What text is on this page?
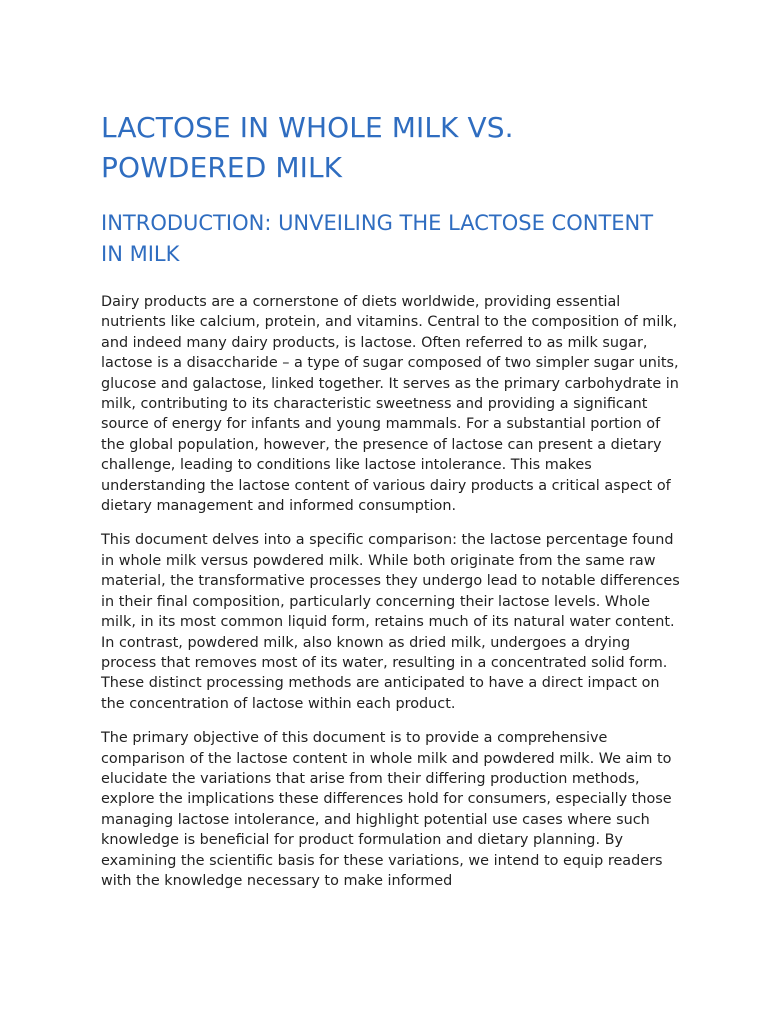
LACTOSE IN WHOLE MILK VS. POWDERED MILK
INTRODUCTION: UNVEILING THE LACTOSE CONTENT IN MILK

Dairy products are a cornerstone of diets worldwide, providing essential nutrients like calcium, protein, and vitamins. Central to the composition of milk, and indeed many dairy products, is lactose. Often referred to as milk sugar, lactose is a disaccharide – a type of sugar composed of two simpler sugar units, glucose and galactose, linked together. It serves as the primary carbohydrate in milk, contributing to its characteristic sweetness and providing a significant source of energy for infants and young mammals. For a substantial portion of the global population, however, the presence of lactose can present a dietary challenge, leading to conditions like lactose intolerance. This makes understanding the lactose content of various dairy products a critical aspect of dietary management and informed consumption.

This document delves into a specific comparison: the lactose percentage found in whole milk versus powdered milk. While both originate from the same raw material, the transformative processes they undergo lead to notable differences in their final composition, particularly concerning their lactose levels. Whole milk, in its most common liquid form, retains much of its natural water content. In contrast, powdered milk, also known as dried milk, undergoes a drying process that removes most of its water, resulting in a concentrated solid form. These distinct processing methods are anticipated to have a direct impact on the concentration of lactose within each product.

The primary objective of this document is to provide a comprehensive comparison of the lactose content in whole milk and powdered milk. We aim to elucidate the variations that arise from their differing production methods, explore the implications these differences hold for consumers, especially those managing lactose intolerance, and highlight potential use cases where such knowledge is beneficial for product formulation and dietary planning. By examining the scientific basis for these variations, we intend to equip readers with the knowledge necessary to make informed
